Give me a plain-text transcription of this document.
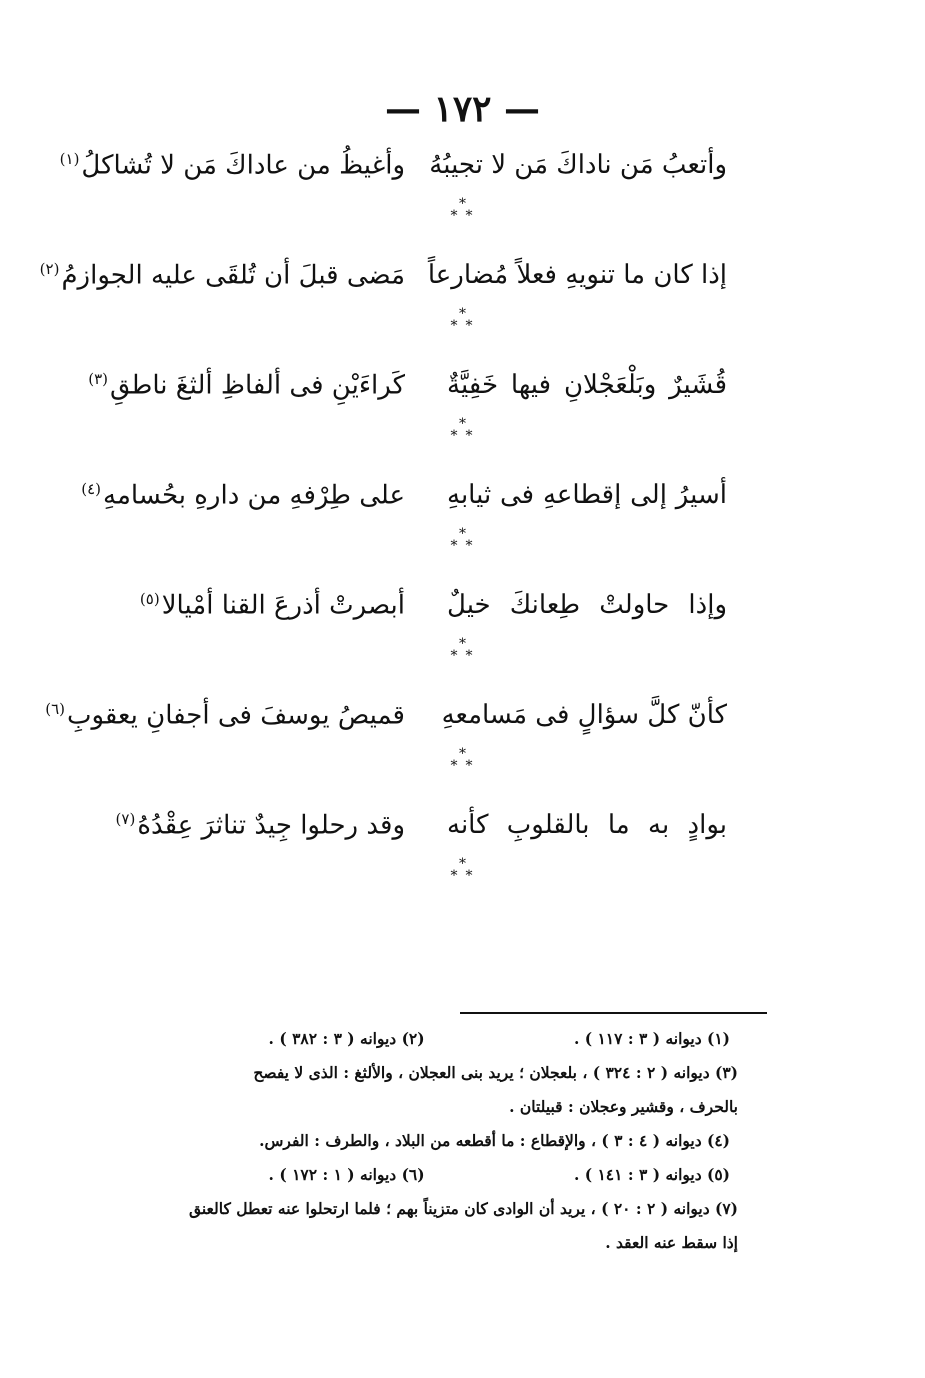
— ١٧٢ —
وأغيظُ من عاداكَ مَن لا تُشاكلُ$^{(١)}$	وأتعبُ مَن ناداكَ مَن لا تجيبُهُ
*
**
مَضى قبلَ أن تُلقَى عليه الجوازمُ$^{(٢)}$	إذا كان ما تنويهِ فعلاً مُضارعاً
*
**
كَراءَيْنِ فى ألفاظِ ألثغَ ناطقِ$^{(٣)}$	قُشَيرٌ وبَلْعَجْلانِ فيها خَفِيَّةٌ
*
**
على طِرْفهِ من دارهِ بحُسامهِ$^{(٤)}$	أسيرُ إلى إقطاعهِ فى ثيابهِ
*
**
أبصرتْ أذرعَ القنا أمْيالا$^{(٥)}$	وإذا حاولتْ طِعانكَ خيلٌ
*
**
قميصُ يوسفَ فى أجفانِ يعقوبِ$^{(٦)}$	كأنّ كلَّ سؤالٍ فى مَسامعهِ
*
**
وقد رحلوا جِيدٌ تناثرَ عِقْدُهُ$^{(٧)}$	بوادٍ به ما بالقلوبِ كأنه
*
**
(١) ديوانه ( ٣ : ١١٧ ) . (٢) ديوانه ( ٣ : ٣٨٢ ) .
(٣) ديوانه ( ٢ : ٣٢٤ ) ، بلعجلان ؛ يريد بنى العجلان ، والألثغ : الذى لا يفصح
بالحرف ، وقشير وعجلان : قبيلتان .
(٤) ديوانه ( ٤ : ٣ ) ، والإقطاع : ما أقطعه من البلاد ، والطرف : الفرس.
(٥) ديوانه ( ٣ : ١٤١ ) . (٦) ديوانه ( ١ : ١٧٢ ) .
(٧) ديوانه ( ٢ : ٢٠ ) ، يريد أن الوادى كان متزيناً بهم ؛ فلما ارتحلوا عنه تعطل كالعنق
إذا سقط عنه العقد .
